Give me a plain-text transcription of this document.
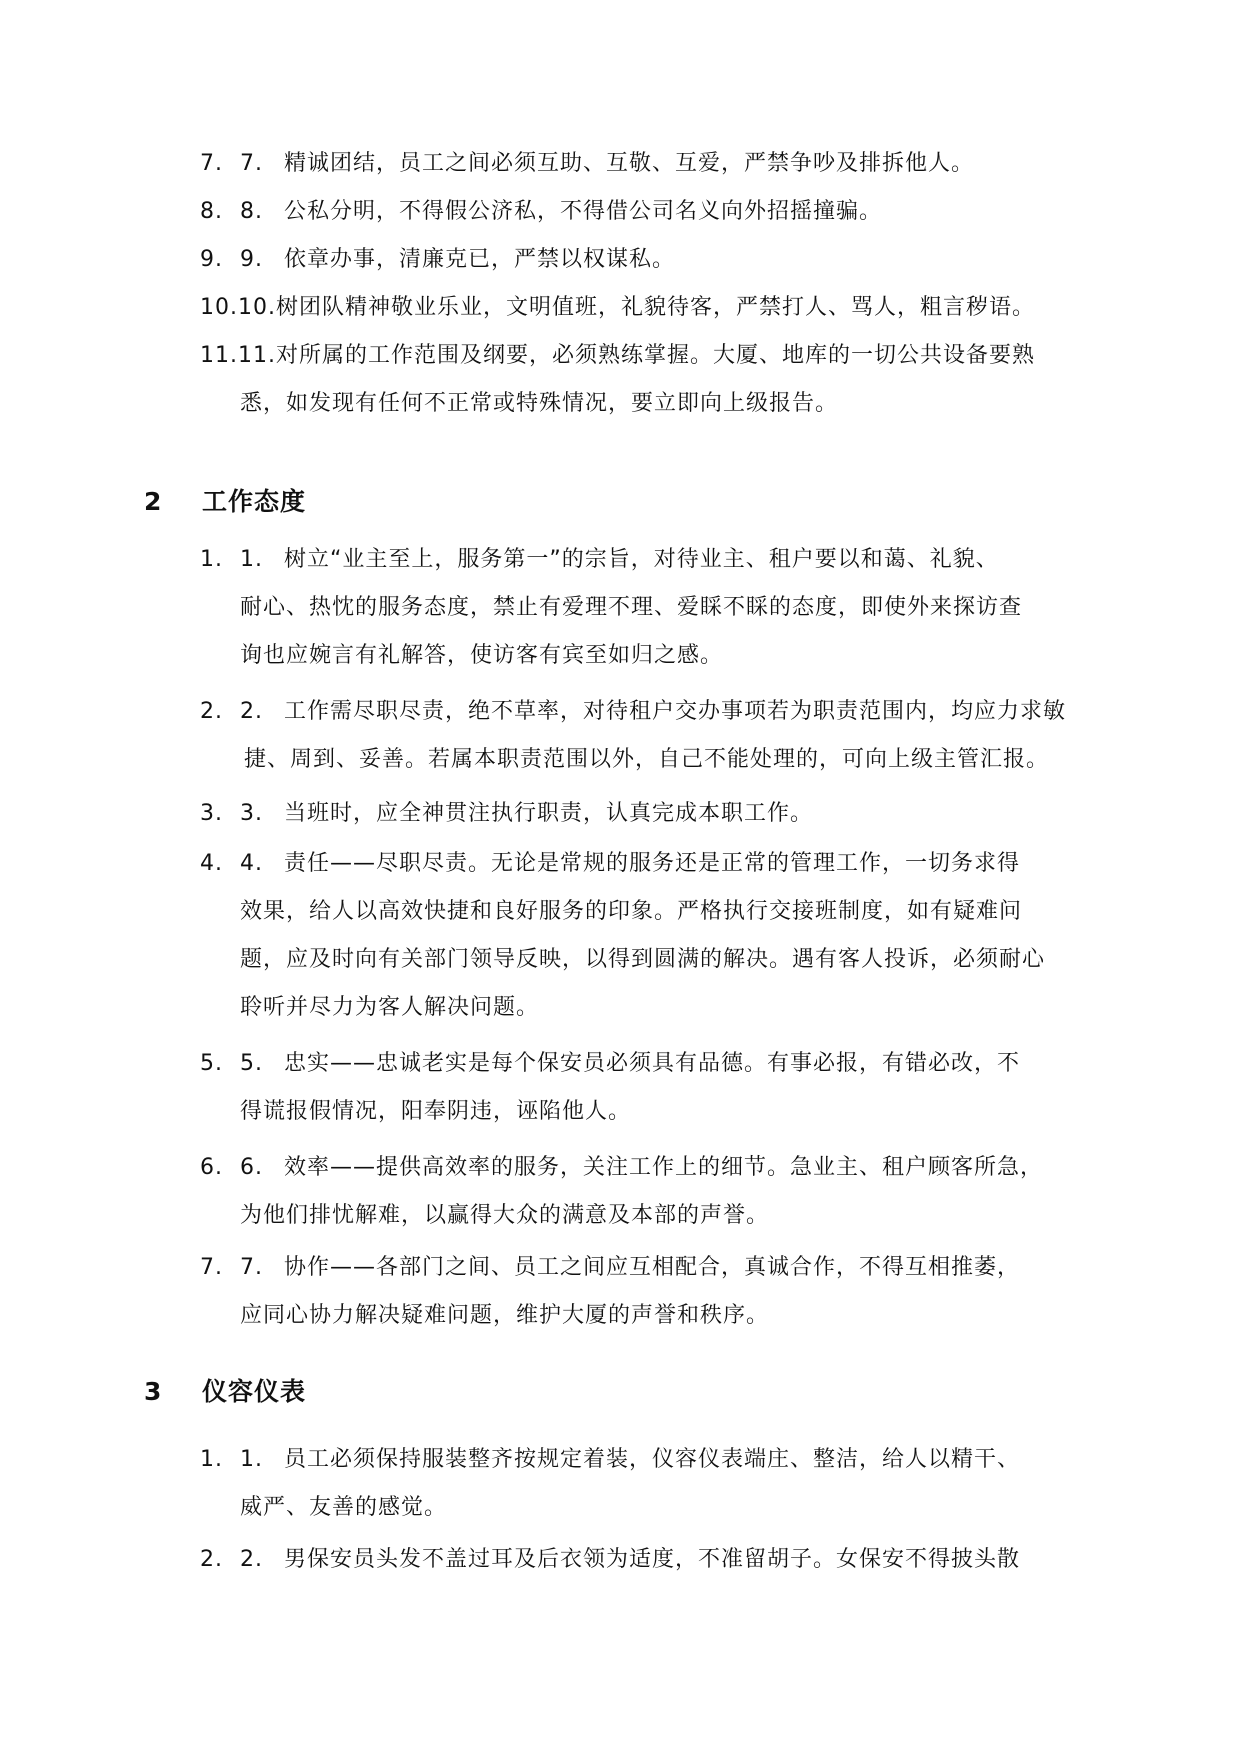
7. 7. 精诚团结，员工之间必须互助、互敬、互爱，严禁争吵及排拆他人。
8. 8. 公私分明，不得假公济私，不得借公司名义向外招摇撞骗。
9. 9. 依章办事，清廉克已，严禁以权谋私。
10.10.树团队精神敬业乐业，文明值班，礼貌待客，严禁打人、骂人，粗言秽语。
11.11.对所属的工作范围及纲要，必须熟练掌握。大厦、地库的一切公共设备要熟
悉，如发现有任何不正常或特殊情况，要立即向上级报告。
2 工作态度
1. 1. 树立“业主至上，服务第一”的宗旨，对待业主、租户要以和蔼、礼貌、
耐心、热忱的服务态度，禁止有爱理不理、爱睬不睬的态度，即使外来探访查
询也应婉言有礼解答，使访客有宾至如归之感。
2. 2. 工作需尽职尽责，绝不草率，对待租户交办事项若为职责范围内，均应力求敏
捷、周到、妥善。若属本职责范围以外，自己不能处理的，可向上级主管汇报。
3. 3. 当班时，应全神贯注执行职责，认真完成本职工作。
4. 4. 责任——尽职尽责。无论是常规的服务还是正常的管理工作，一切务求得
效果，给人以高效快捷和良好服务的印象。严格执行交接班制度，如有疑难问
题，应及时向有关部门领导反映，以得到圆满的解决。遇有客人投诉，必须耐心
聆听并尽力为客人解决问题。
5. 5. 忠实——忠诚老实是每个保安员必须具有品德。有事必报，有错必改，不
得谎报假情况，阳奉阴违，诬陷他人。
6. 6. 效率——提供高效率的服务，关注工作上的细节。急业主、租户顾客所急，
为他们排忧解难，以赢得大众的满意及本部的声誉。
7. 7. 协作——各部门之间、员工之间应互相配合，真诚合作，不得互相推萎，
应同心协力解决疑难问题，维护大厦的声誉和秩序。
3 仪容仪表
1. 1. 员工必须保持服装整齐按规定着装，仪容仪表端庄、整洁，给人以精干、
威严、友善的感觉。
2. 2. 男保安员头发不盖过耳及后衣领为适度，不准留胡子。女保安不得披头散
